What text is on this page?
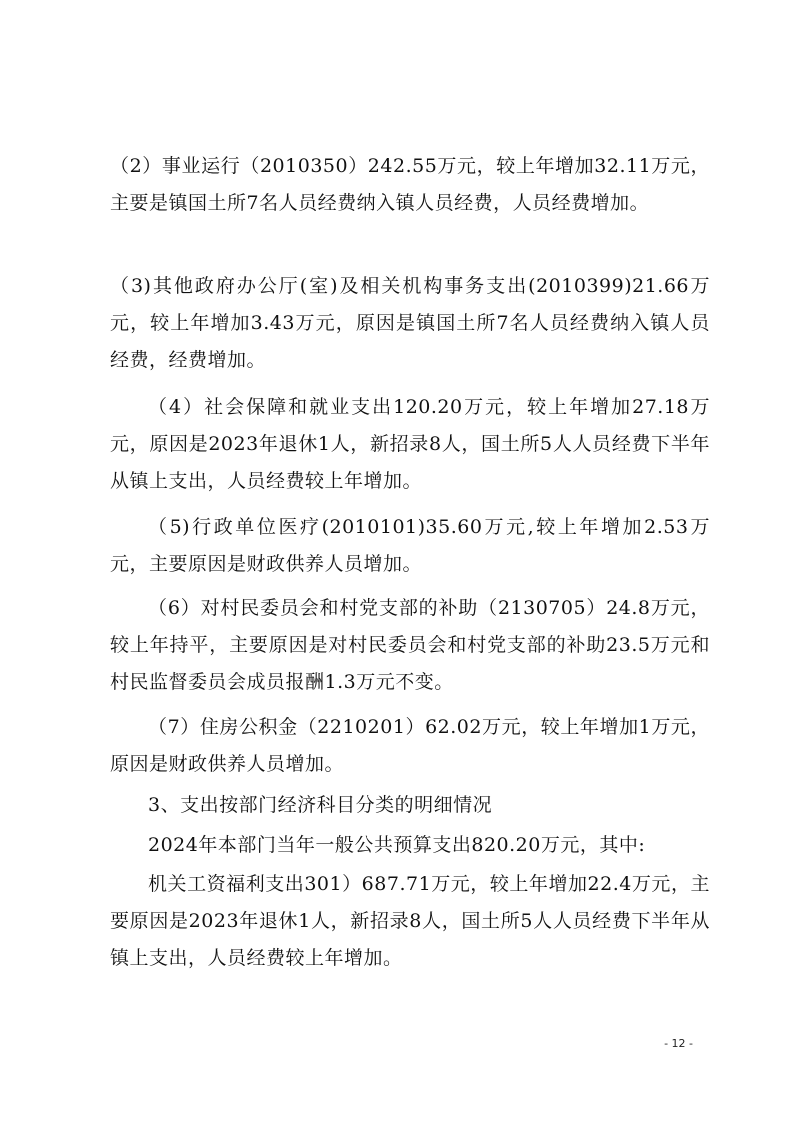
（2）事业运行（2010350）242.55万元，较上年增加32.11万元，主要是镇国土所7名人员经费纳入镇人员经费，人员经费增加。

（3)其他政府办公厅(室)及相关机构事务支出(2010399)21.66万元，较上年增加3.43万元，原因是镇国土所7名人员经费纳入镇人员经费，经费增加。

（4）社会保障和就业支出120.20万元，较上年增加27.18万元，原因是2023年退休1人，新招录8人，国土所5人人员经费下半年从镇上支出，人员经费较上年增加。

（5)行政单位医疗(2010101)35.60万元,较上年增加2.53万元，主要原因是财政供养人员增加。

（6）对村民委员会和村党支部的补助（2130705）24.8万元，较上年持平，主要原因是对村民委员会和村党支部的补助23.5万元和村民监督委员会成员报酬1.3万元不变。

（7）住房公积金（2210201）62.02万元，较上年增加1万元，原因是财政供养人员增加。

3、支出按部门经济科目分类的明细情况

2024年本部门当年一般公共预算支出820.20万元，其中:

机关工资福利支出301）687.71万元，较上年增加22.4万元，主要原因是2023年退休1人，新招录8人，国土所5人人员经费下半年从镇上支出，人员经费较上年增加。

- 12 -
